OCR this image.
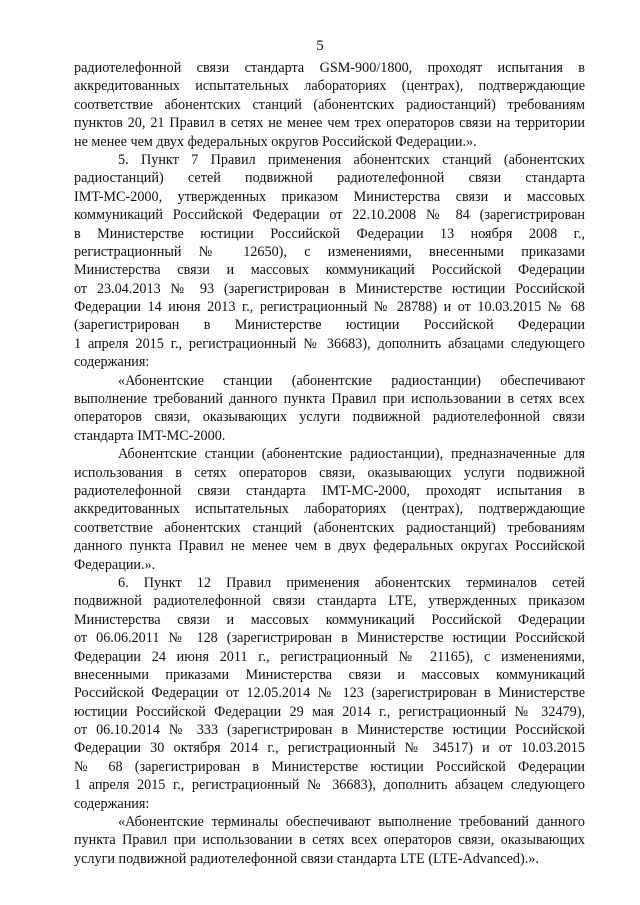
5
радиотелефонной связи стандарта GSM-900/1800, проходят испытания в
аккредитованных испытательных лабораториях (центрах), подтверждающие
соответствие абонентских станций (абонентских радиостанций) требованиям
пунктов 20, 21 Правил в сетях не менее чем трех операторов связи на территории
не менее чем двух федеральных округов Российской Федерации.».
5. Пункт 7 Правил применения абонентских станций (абонентских
радиостанций) сетей подвижной радиотелефонной связи стандарта
IMT-MC-2000, утвержденных приказом Министерства связи и массовых
коммуникаций Российской Федерации от 22.10.2008 № 84 (зарегистрирован
в Министерстве юстиции Российской Федерации 13 ноября 2008 г.,
регистрационный № 12650), с изменениями, внесенными приказами
Министерства связи и массовых коммуникаций Российской Федерации
от 23.04.2013 № 93 (зарегистрирован в Министерстве юстиции Российской
Федерации 14 июня 2013 г., регистрационный № 28788) и от 10.03.2015 № 68
(зарегистрирован в Министерстве юстиции Российской Федерации
1 апреля 2015 г., регистрационный № 36683), дополнить абзацами следующего
содержания:
«Абонентские станции (абонентские радиостанции) обеспечивают
выполнение требований данного пункта Правил при использовании в сетях всех
операторов связи, оказывающих услуги подвижной радиотелефонной связи
стандарта IMT-MC-2000.
Абонентские станции (абонентские радиостанции), предназначенные для
использования в сетях операторов связи, оказывающих услуги подвижной
радиотелефонной связи стандарта IMT-MC-2000, проходят испытания в
аккредитованных испытательных лабораториях (центрах), подтверждающие
соответствие абонентских станций (абонентских радиостанций) требованиям
данного пункта Правил не менее чем в двух федеральных округах Российской
Федерации.».
6. Пункт 12 Правил применения абонентских терминалов сетей
подвижной радиотелефонной связи стандарта LTE, утвержденных приказом
Министерства связи и массовых коммуникаций Российской Федерации
от 06.06.2011 № 128 (зарегистрирован в Министерстве юстиции Российской
Федерации 24 июня 2011 г., регистрационный № 21165), с изменениями,
внесенными приказами Министерства связи и массовых коммуникаций
Российской Федерации от 12.05.2014 № 123 (зарегистрирован в Министерстве
юстиции Российской Федерации 29 мая 2014 г., регистрационный № 32479),
от 06.10.2014 № 333 (зарегистрирован в Министерстве юстиции Российской
Федерации 30 октября 2014 г., регистрационный № 34517) и от 10.03.2015
№ 68 (зарегистрирован в Министерстве юстиции Российской Федерации
1 апреля 2015 г., регистрационный № 36683), дополнить абзацем следующего
содержания:
«Абонентские терминалы обеспечивают выполнение требований данного
пункта Правил при использовании в сетях всех операторов связи, оказывающих
услуги подвижной радиотелефонной связи стандарта LTE (LTE-Advanced).».
